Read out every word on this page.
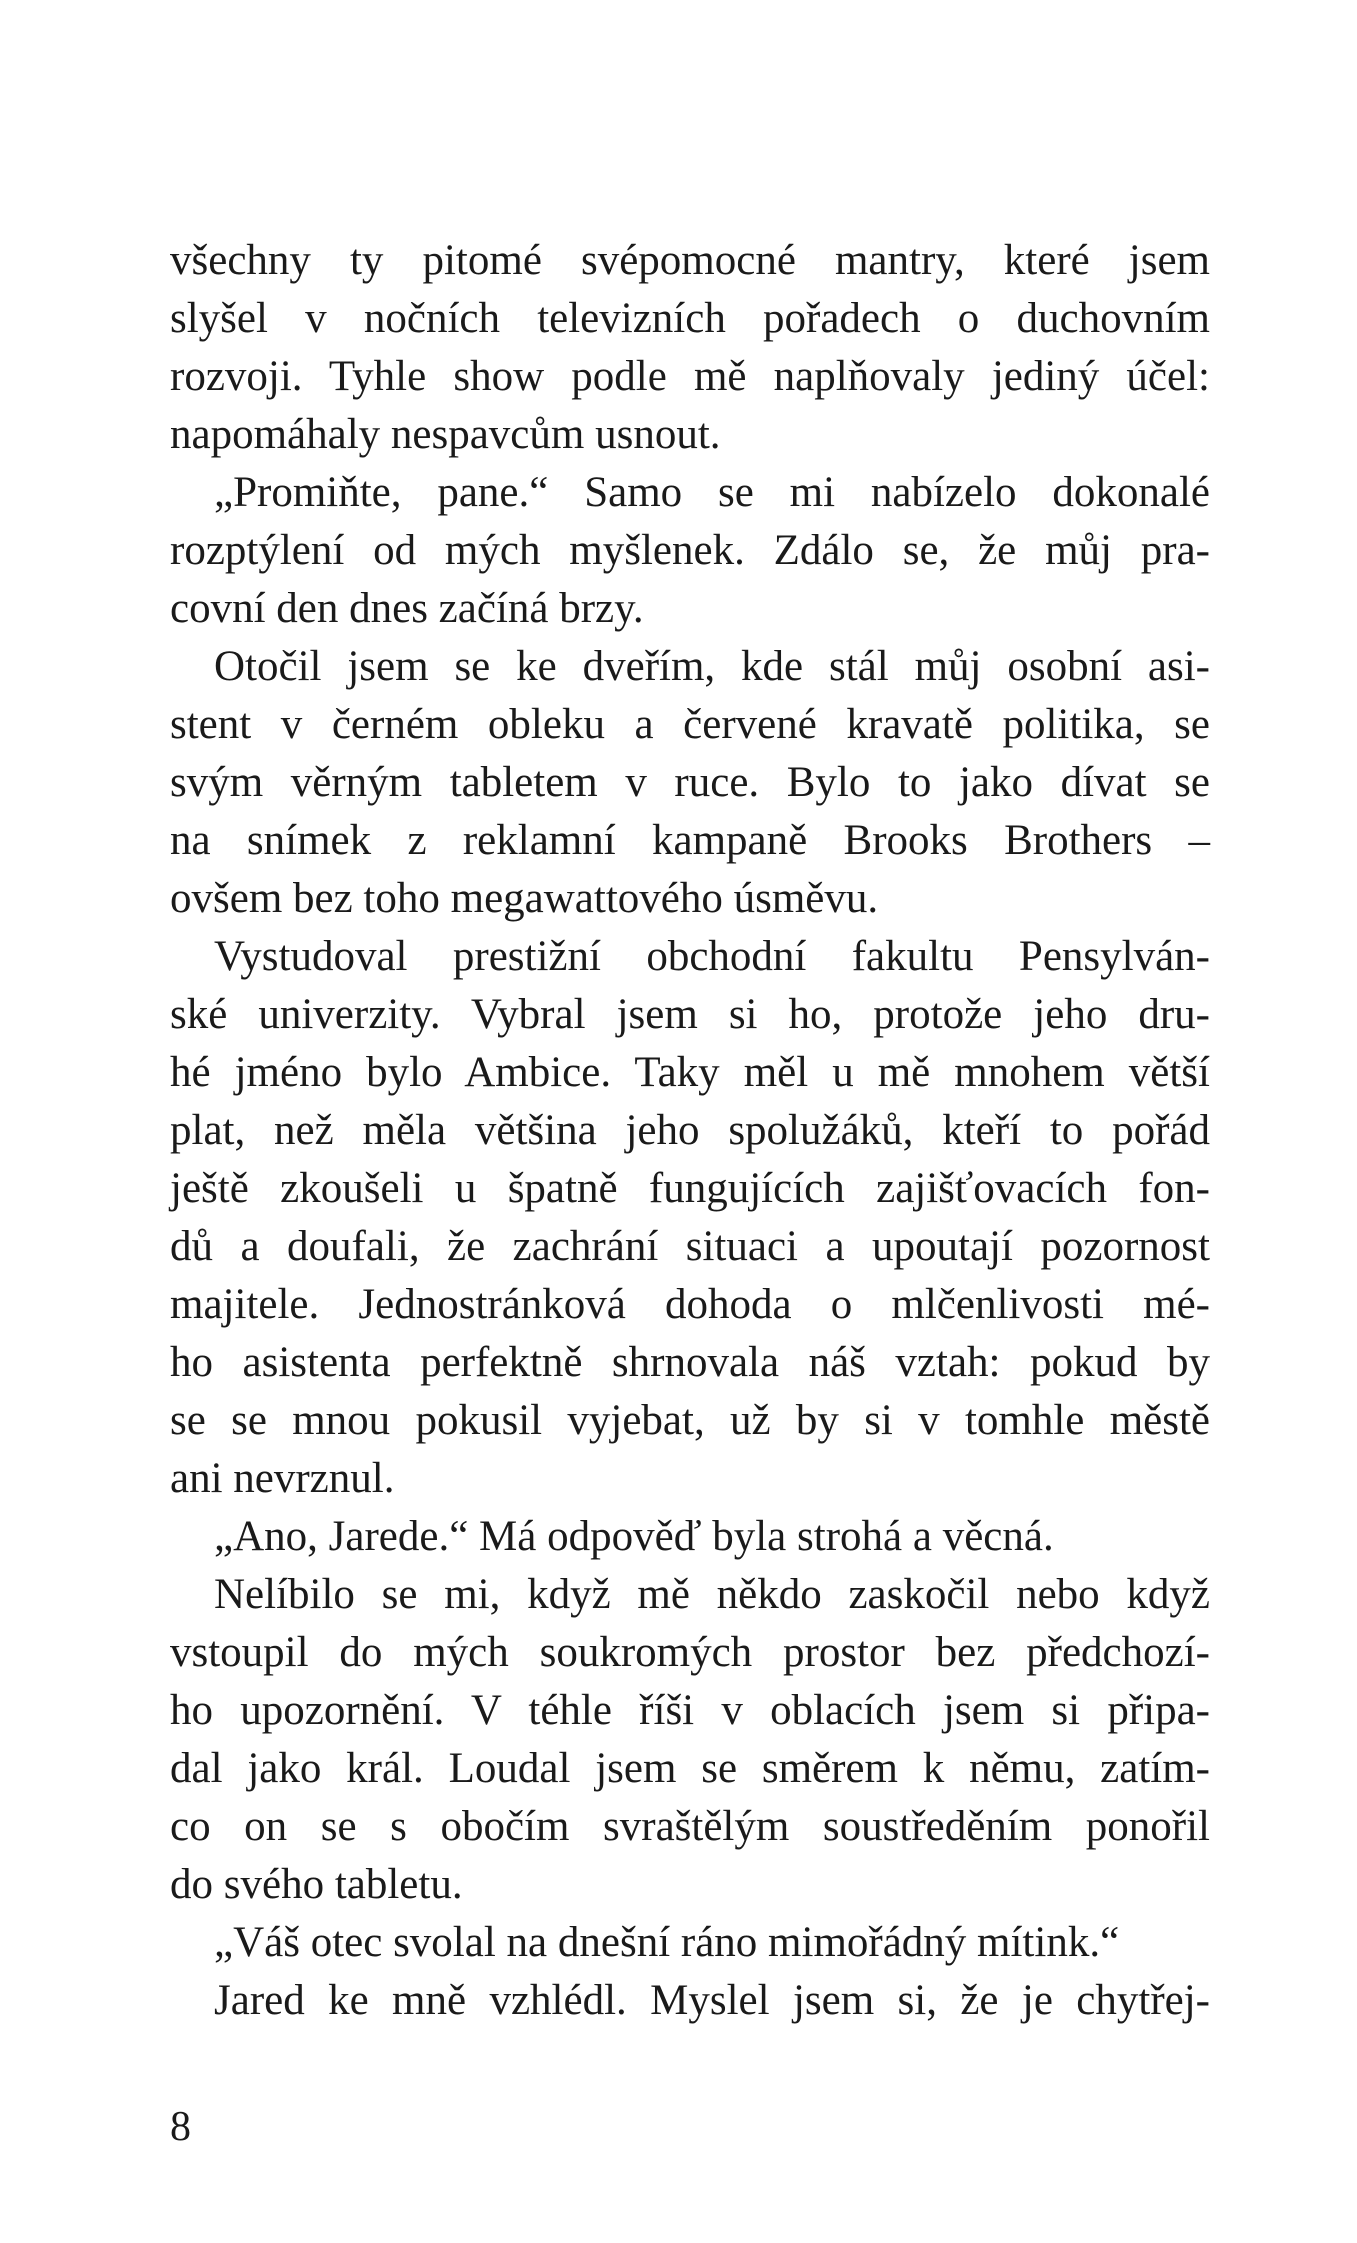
všechny ty pitomé svépomocné mantry, které jsem
slyšel v nočních televizních pořadech o duchovním
rozvoji. Tyhle show podle mě naplňovaly jediný účel:
napomáhaly nespavcům usnout.
„Promiňte, pane.“ Samo se mi nabízelo dokonalé
rozptýlení od mých myšlenek. Zdálo se, že můj pra-
covní den dnes začíná brzy.
Otočil jsem se ke dveřím, kde stál můj osobní asi-
stent v černém obleku a červené kravatě politika, se
svým věrným tabletem v ruce. Bylo to jako dívat se
na snímek z reklamní kampaně Brooks Brothers –
ovšem bez toho megawattového úsměvu.
Vystudoval prestižní obchodní fakultu Pensylván-
ské univerzity. Vybral jsem si ho, protože jeho dru-
hé jméno bylo Ambice. Taky měl u mě mnohem větší
plat, než měla většina jeho spolužáků, kteří to pořád
ještě zkoušeli u špatně fungujících zajišťovacích fon-
dů a doufali, že zachrání situaci a upoutají pozornost
majitele. Jednostránková dohoda o mlčenlivosti mé-
ho asistenta perfektně shrnovala náš vztah: pokud by
se se mnou pokusil vyjebat, už by si v tomhle městě
ani nevrznul.
„Ano, Jarede.“ Má odpověď byla strohá a věcná.
Nelíbilo se mi, když mě někdo zaskočil nebo když
vstoupil do mých soukromých prostor bez předchozí-
ho upozornění. V téhle říši v oblacích jsem si připa-
dal jako král. Loudal jsem se směrem k němu, zatím-
co on se s obočím svraštělým soustředěním ponořil
do svého tabletu.
„Váš otec svolal na dnešní ráno mimořádný mítink.“
Jared ke mně vzhlédl. Myslel jsem si, že je chytřej-
8
